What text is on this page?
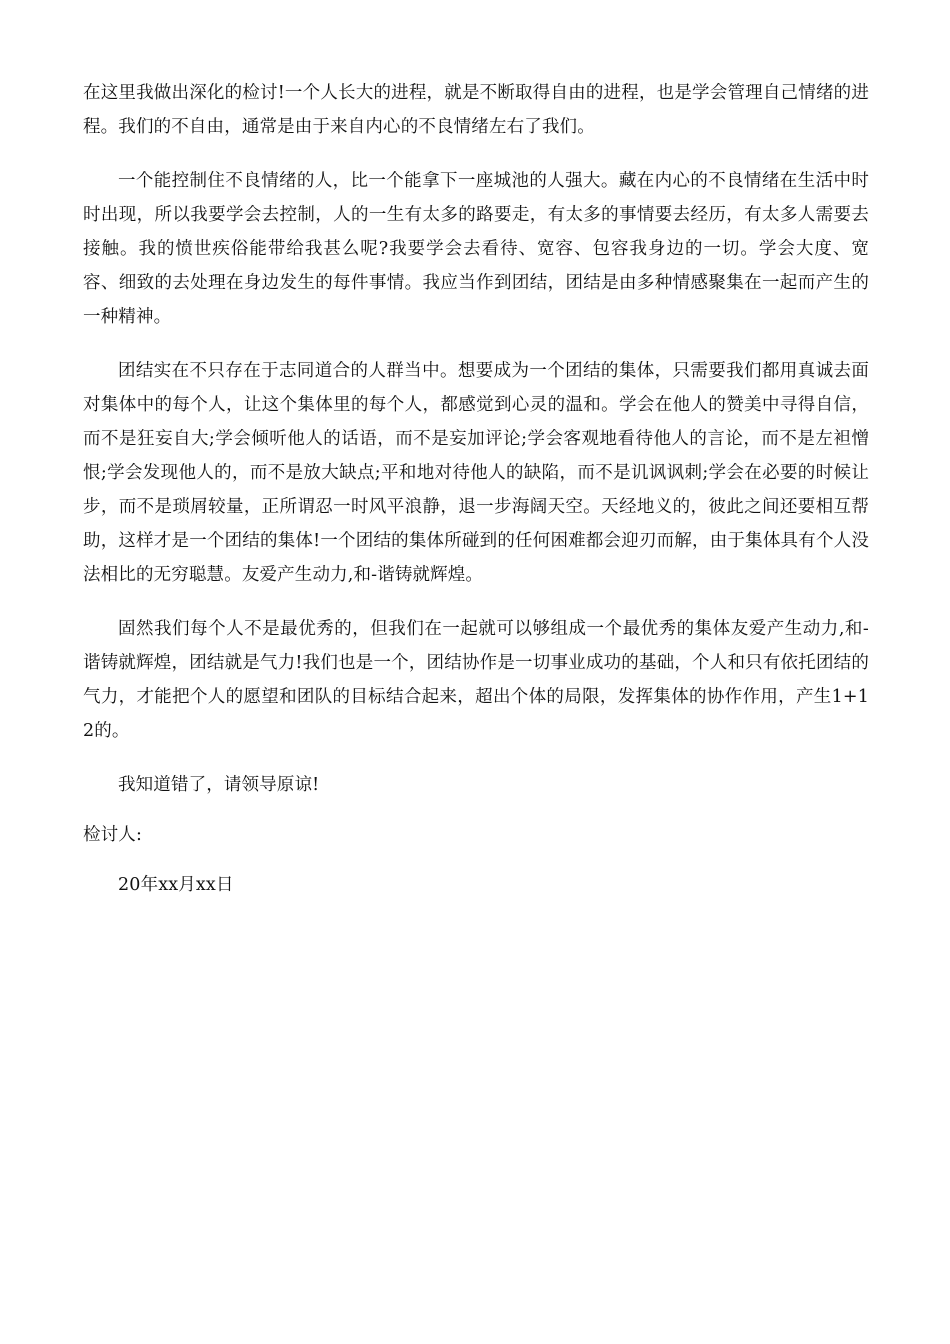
在这里我做出深化的检讨!一个人长大的进程，就是不断取得自由的进程，也是学会管理自己情绪的进程。我们的不自由，通常是由于来自内心的不良情绪左右了我们。

一个能控制住不良情绪的人，比一个能拿下一座城池的人强大。藏在内心的不良情绪在生活中时时出现，所以我要学会去控制，人的一生有太多的路要走，有太多的事情要去经历，有太多人需要去接触。我的愤世疾俗能带给我甚么呢?我要学会去看待、宽容、包容我身边的一切。学会大度、宽容、细致的去处理在身边发生的每件事情。我应当作到团结，团结是由多种情感聚集在一起而产生的一种精神。

团结实在不只存在于志同道合的人群当中。想要成为一个团结的集体，只需要我们都用真诚去面对集体中的每个人，让这个集体里的每个人，都感觉到心灵的温和。学会在他人的赞美中寻得自信，而不是狂妄自大;学会倾听他人的话语，而不是妄加评论;学会客观地看待他人的言论，而不是左袒憎恨;学会发现他人的，而不是放大缺点;平和地对待他人的缺陷，而不是讥讽讽刺;学会在必要的时候让步，而不是琐屑较量，正所谓忍一时风平浪静，退一步海阔天空。天经地义的，彼此之间还要相互帮助，这样才是一个团结的集体!一个团结的集体所碰到的任何困难都会迎刃而解，由于集体具有个人没法相比的无穷聪慧。友爱产生动力,和-谐铸就辉煌。

固然我们每个人不是最优秀的，但我们在一起就可以够组成一个最优秀的集体友爱产生动力,和-谐铸就辉煌，团结就是气力!我们也是一个，团结协作是一切事业成功的基础，个人和只有依托团结的气力，才能把个人的愿望和团队的目标结合起来，超出个体的局限，发挥集体的协作作用，产生1+12的。

我知道错了，请领导原谅!

检讨人:

20年xx月xx日
